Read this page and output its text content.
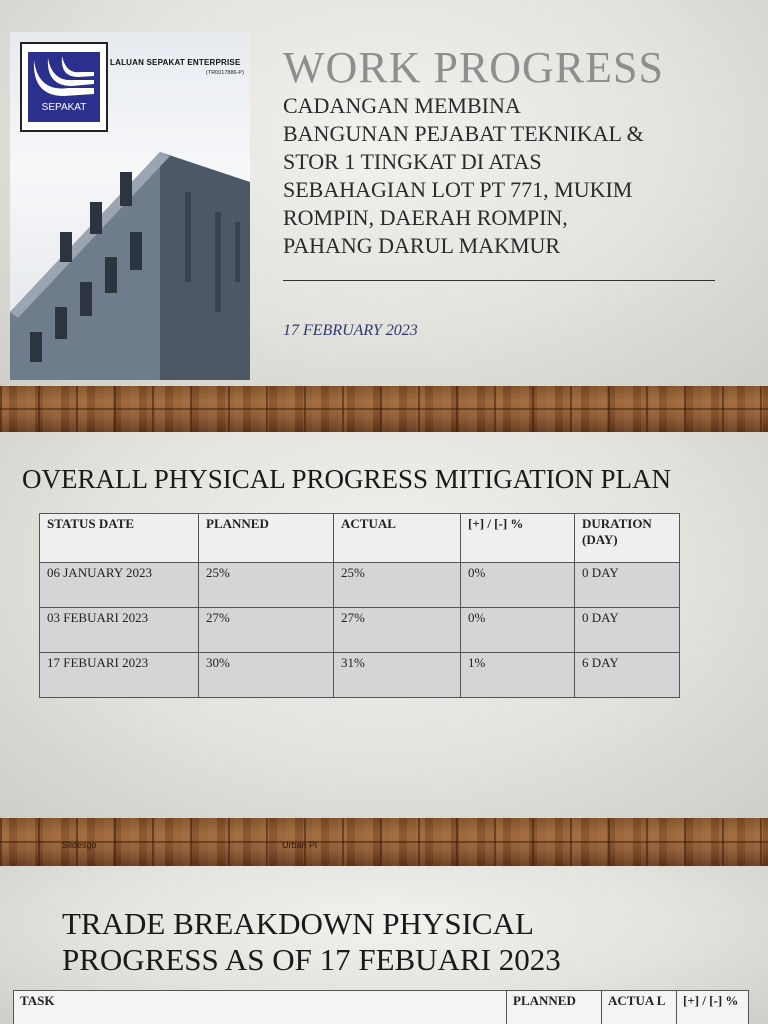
SEPAKAT
LALUAN SEPAKAT ENTERPRISE
(TR0017886-P) WORK PROGRESS
CADANGAN MEMBINA
BANGUNAN PEJABAT TEKNIKAL &
STOR 1 TINGKAT DI ATAS
SEBAHAGIAN LOT PT 771, MUKIM
ROMPIN, DAERAH ROMPIN,
PAHANG DARUL MAKMUR
17 FEBRUARY 2023
OVERALL PHYSICAL PROGRESS MITIGATION PLAN
STATUS DATE	PLANNED	ACTUAL	[+] / [-] %	DURATION (DAY)
06 JANUARY 2023	25%	25%	0%	0 DAY
03 FEBUARI 2023	27%	27%	0%	0 DAY
17 FEBUARI 2023	30%	31%	1%	6 DAY
Slidesgo	Urban Pl
TRADE BREAKDOWN PHYSICAL
PROGRESS AS OF 17 FEBUARI 2023
TASK	PLANNED	ACTUA L	[+] / [-] %
